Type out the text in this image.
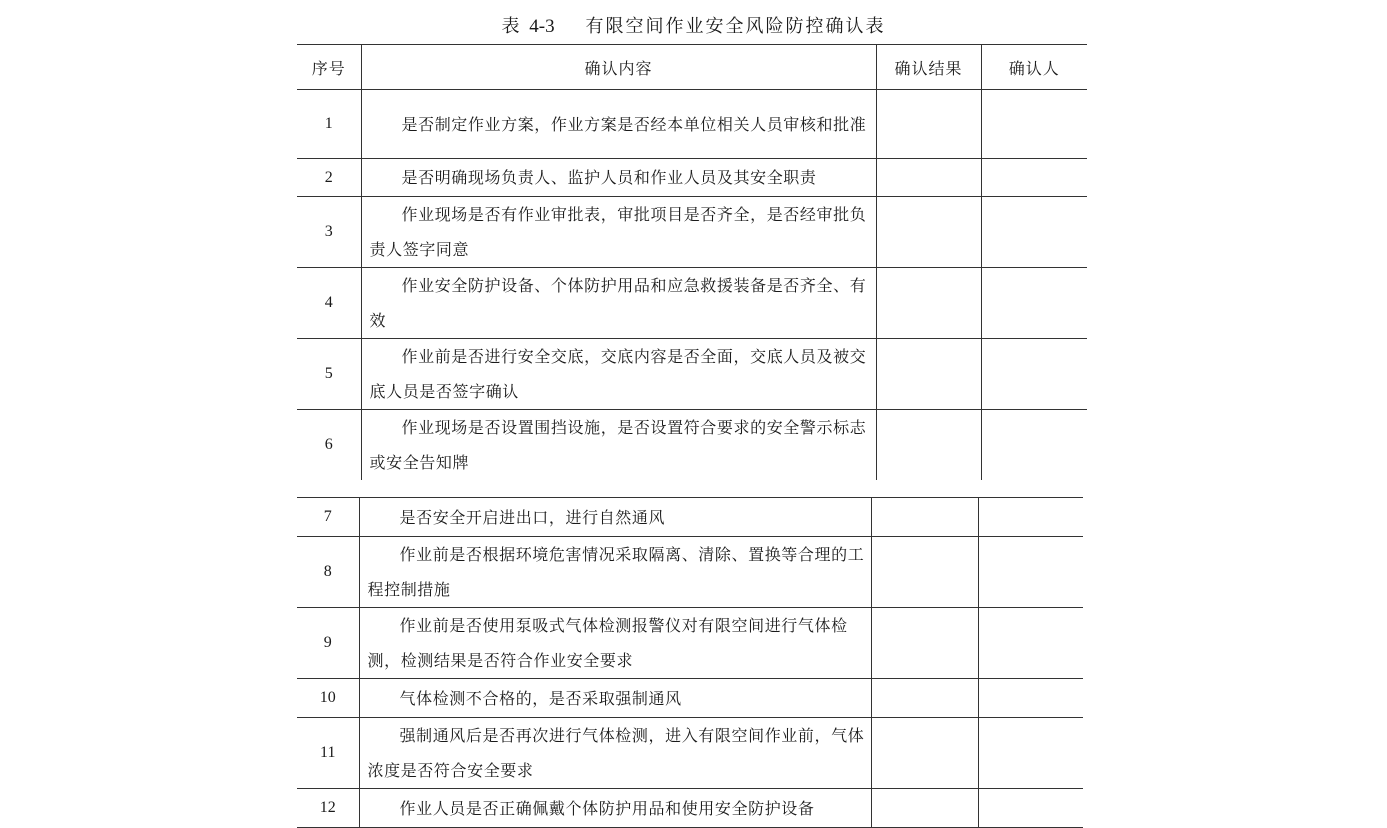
表 4-3 有限空间作业安全风险防控确认表
序号	确认内容	确认结果	确认人
1	是否制定作业方案，作业方案是否经本单位相关人员审核和批准		
2	是否明确现场负责人、监护人员和作业人员及其安全职责		
3	作业现场是否有作业审批表，审批项目是否齐全，是否经审批负责人签字同意		
4	作业安全防护设备、个体防护用品和应急救援装备是否齐全、有效		
5	作业前是否进行安全交底，交底内容是否全面，交底人员及被交底人员是否签字确认		
6	作业现场是否设置围挡设施，是否设置符合要求的安全警示标志或安全告知牌		
7	是否安全开启进出口，进行自然通风		
8	作业前是否根据环境危害情况采取隔离、清除、置换等合理的工程控制措施		
9	作业前是否使用泵吸式气体检测报警仪对有限空间进行气体检测，检测结果是否符合作业安全要求		
10	气体检测不合格的，是否采取强制通风		
11	强制通风后是否再次进行气体检测，进入有限空间作业前，气体浓度是否符合安全要求		
12	作业人员是否正确佩戴个体防护用品和使用安全防护设备		
